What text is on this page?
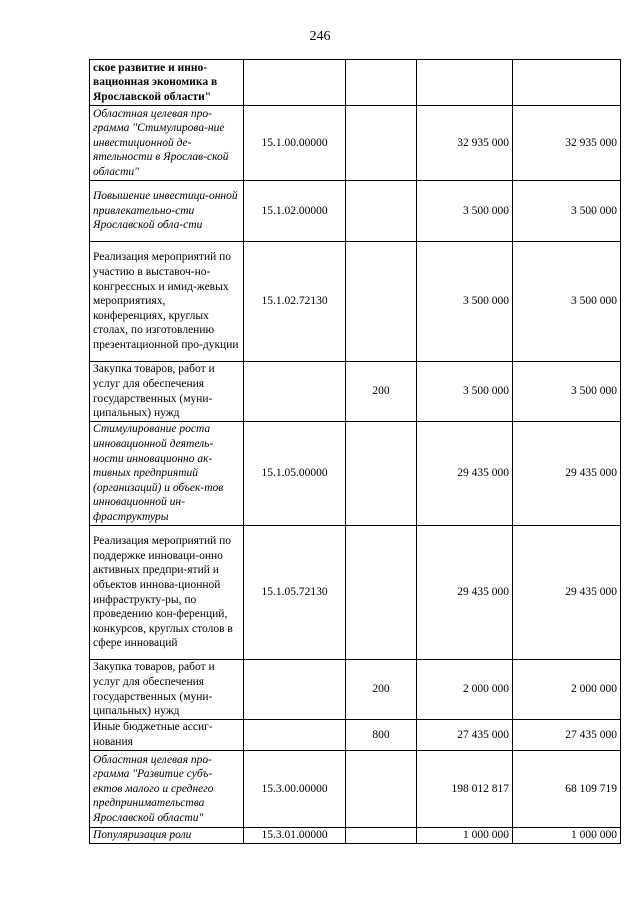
246
ское развитие и инно-вационная экономика в Ярославской области"				
Областная целевая про-грамма "Стимулирова-ние инвестиционной де-ятельности в Ярослав-ской области"	15.1.00.00000		32 935 000	32 935 000
Повышение инвестици-онной привлекательно-сти Ярославской обла-сти	15.1.02.00000		3 500 000	3 500 000
Реализация мероприятий по участию в выставоч-но-конгрессных и имид-жевых мероприятиях, конференциях, круглых столах, по изготовлению презентационной про-дукции	15.1.02.72130		3 500 000	3 500 000
Закупка товаров, работ и услуг для обеспечения государственных (муни-ципальных) нужд		200	3 500 000	3 500 000
Стимулирование роста инновационной деятель-ности инновационно ак-тивных предприятий (организаций) и объек-тов инновационной ин-фраструктуры	15.1.05.00000		29 435 000	29 435 000
Реализация мероприятий по поддержке инноваци-онно активных предпри-ятий и объектов иннова-ционной инфраструкту-ры, по проведению кон-ференций, конкурсов, круглых столов в сфере инноваций	15.1.05.72130		29 435 000	29 435 000
Закупка товаров, работ и услуг для обеспечения государственных (муни-ципальных) нужд		200	2 000 000	2 000 000
Иные бюджетные ассиг-нования		800	27 435 000	27 435 000
Областная целевая про-грамма "Развитие субъ-ектов малого и среднего предпринимательства Ярославской области"	15.3.00.00000		198 012 817	68 109 719
Популяризация роли	15.3.01.00000		1 000 000	1 000 000
